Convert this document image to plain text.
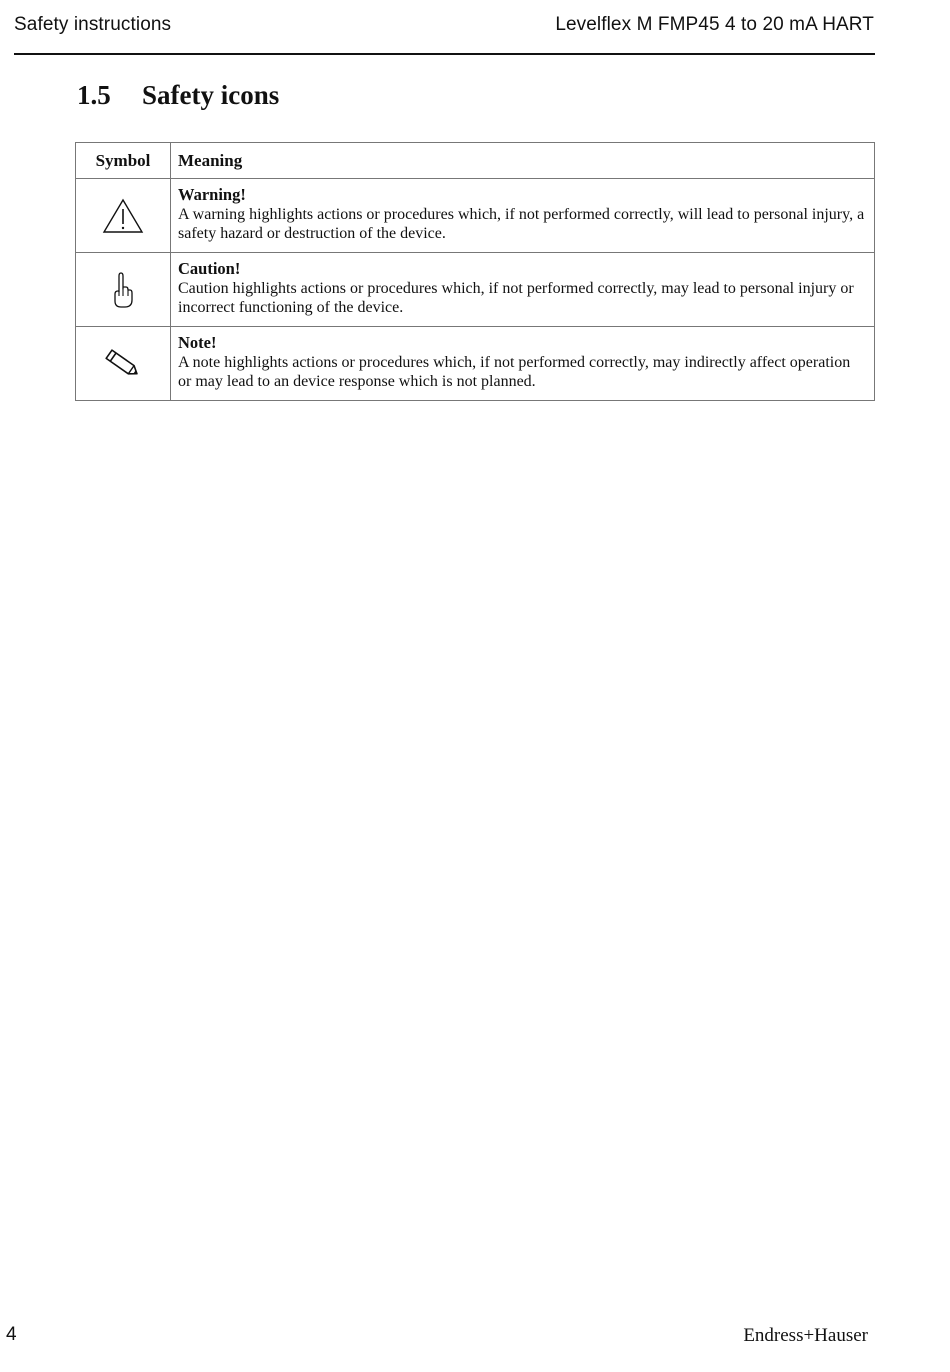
Safety instructions	Levelflex M FMP45 4 to 20 mA HART
1.5	Safety icons
Symbol	Meaning

Warning!
A warning highlights actions or procedures which, if not performed correctly, will lead to personal injury, a safety hazard or destruction of the device.

Caution!
Caution highlights actions or procedures which, if not performed correctly, may lead to personal injury or incorrect functioning of the device.

Note!
A note highlights actions or procedures which, if not performed correctly, may indirectly affect operation or may lead to an device response which is not planned.
4	Endress+Hauser
